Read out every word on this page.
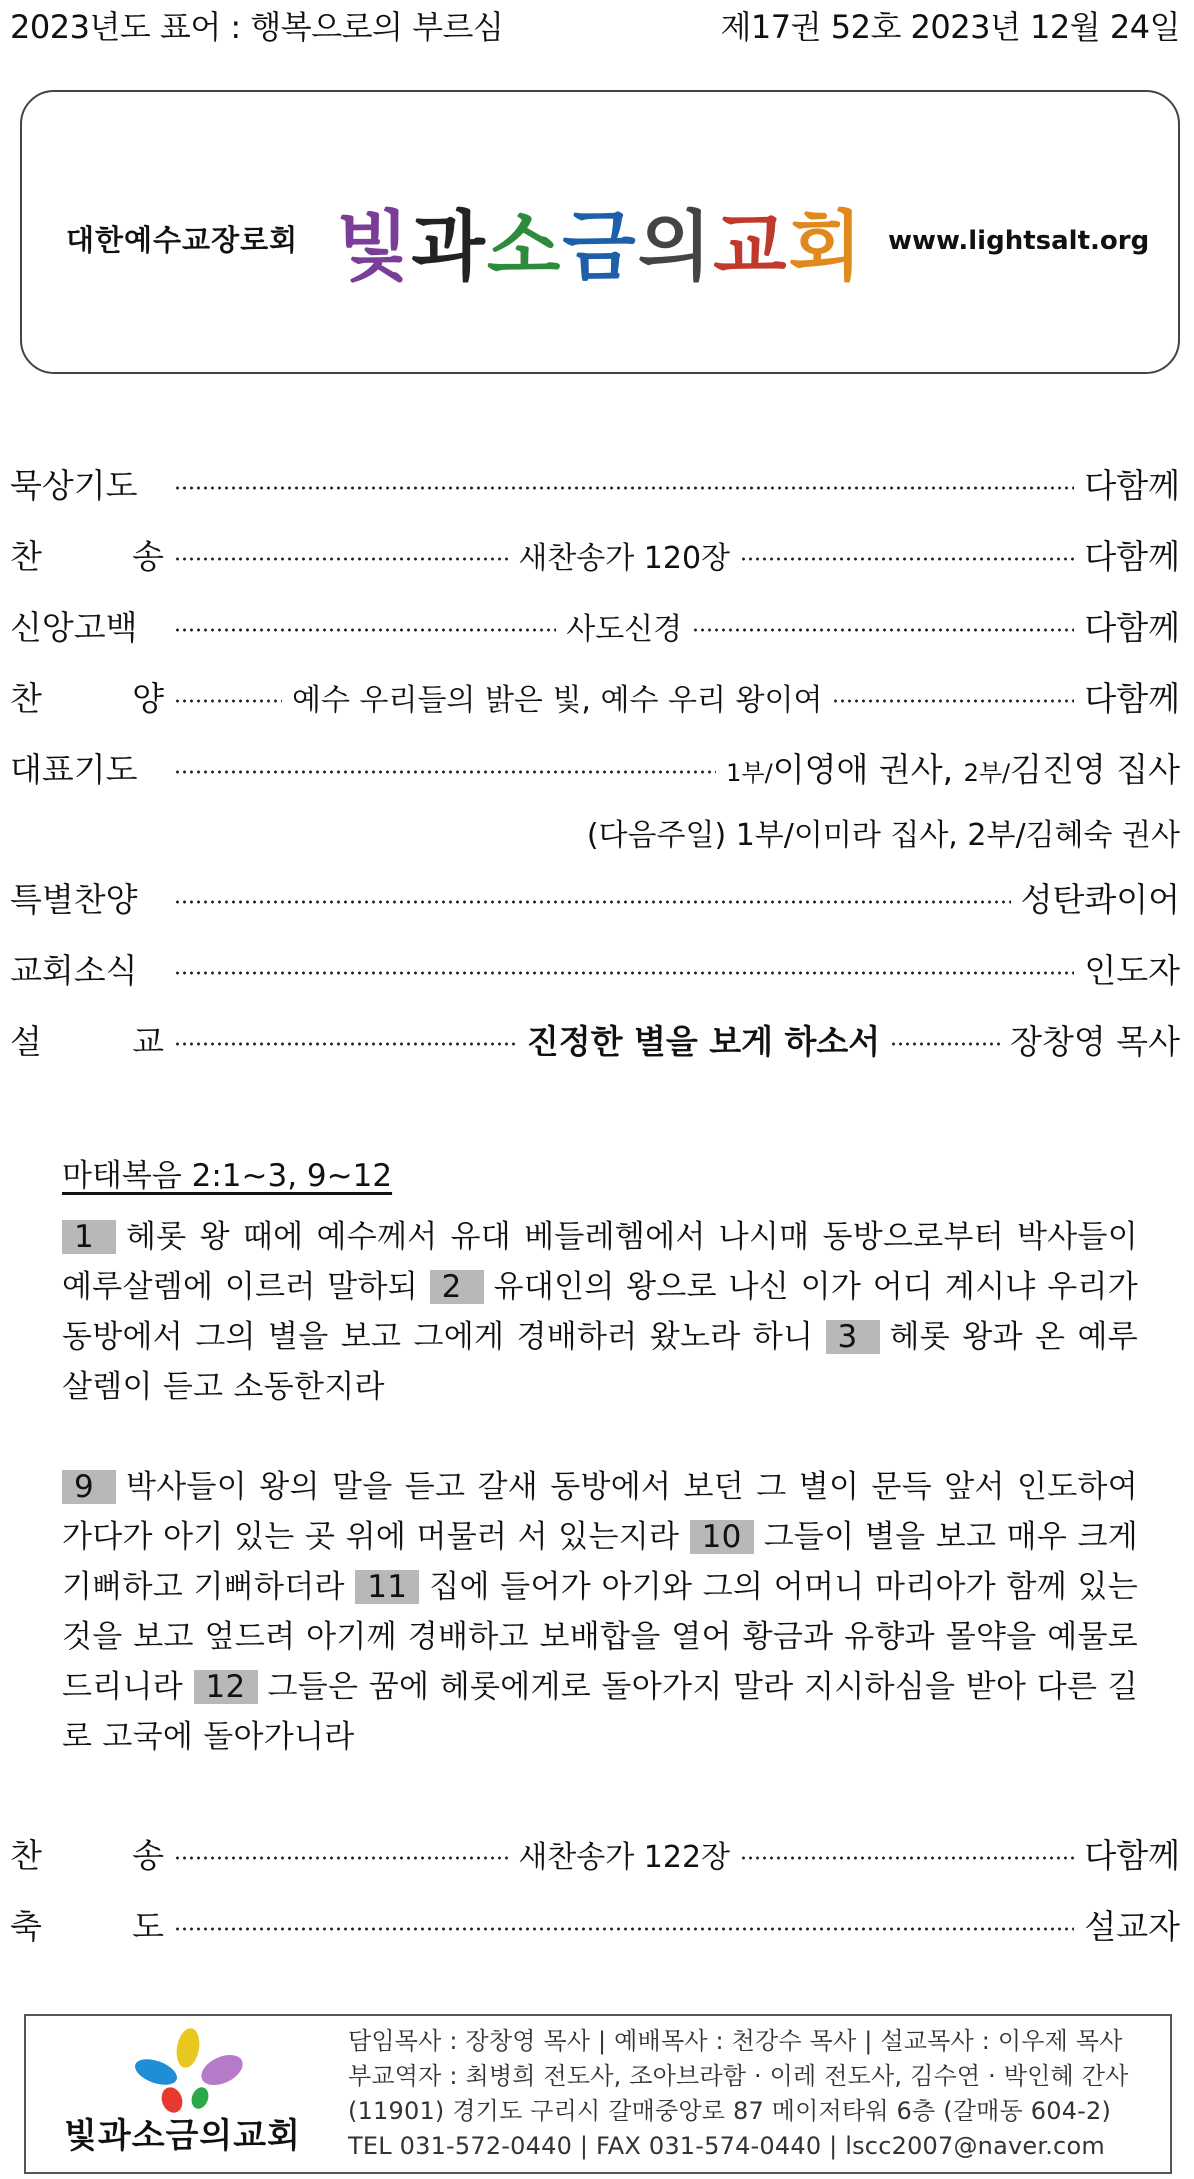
2023년도 표어 : 행복으로의 부르심	제17권 52호 2023년 12월 24일
대한예수교장로회 빛과소금의교회 www.lightsalt.org
묵상기도	다함께
찬	송	새찬송가 120장	다함께
신앙고백	사도신경	다함께
찬	양	예수 우리들의 밝은 빛, 예수 우리 왕이여	다함께
대표기도	1부/이영애 권사, 2부/김진영 집사
(다음주일) 1부/이미라 집사, 2부/김혜숙 권사
특별찬양	성탄콰이어
교회소식	인도자
설	교	진정한 별을 보게 하소서	장창영 목사
마태복음 2:1~3, 9~12
1 헤롯 왕 때에 예수께서 유대 베들레헴에서 나시매 동방으로부터 박사들이 예루살렘에 이르러 말하되 2 유대인의 왕으로 나신 이가 어디 계시냐 우리가 동방에서 그의 별을 보고 그에게 경배하러 왔노라 하니 3 헤롯 왕과 온 예루살렘이 듣고 소동한지라
9 박사들이 왕의 말을 듣고 갈새 동방에서 보던 그 별이 문득 앞서 인도하여 가다가 아기 있는 곳 위에 머물러 서 있는지라 10 그들이 별을 보고 매우 크게 기뻐하고 기뻐하더라 11 집에 들어가 아기와 그의 어머니 마리아가 함께 있는 것을 보고 엎드려 아기께 경배하고 보배합을 열어 황금과 유향과 몰약을 예물로 드리니라 12 그들은 꿈에 헤롯에게로 돌아가지 말라 지시하심을 받아 다른 길로 고국에 돌아가니라
찬	송	새찬송가 122장	다함께
축	도	설교자
빛과소금의교회
담임목사 : 장창영 목사 | 예배목사 : 천강수 목사 | 설교목사 : 이우제 목사
부교역자 : 최병희 전도사, 조아브라함 · 이레 전도사, 김수연 · 박인혜 간사
(11901) 경기도 구리시 갈매중앙로 87 메이저타워 6층 (갈매동 604-2)
TEL 031-572-0440 | FAX 031-574-0440 | lscc2007@naver.com
